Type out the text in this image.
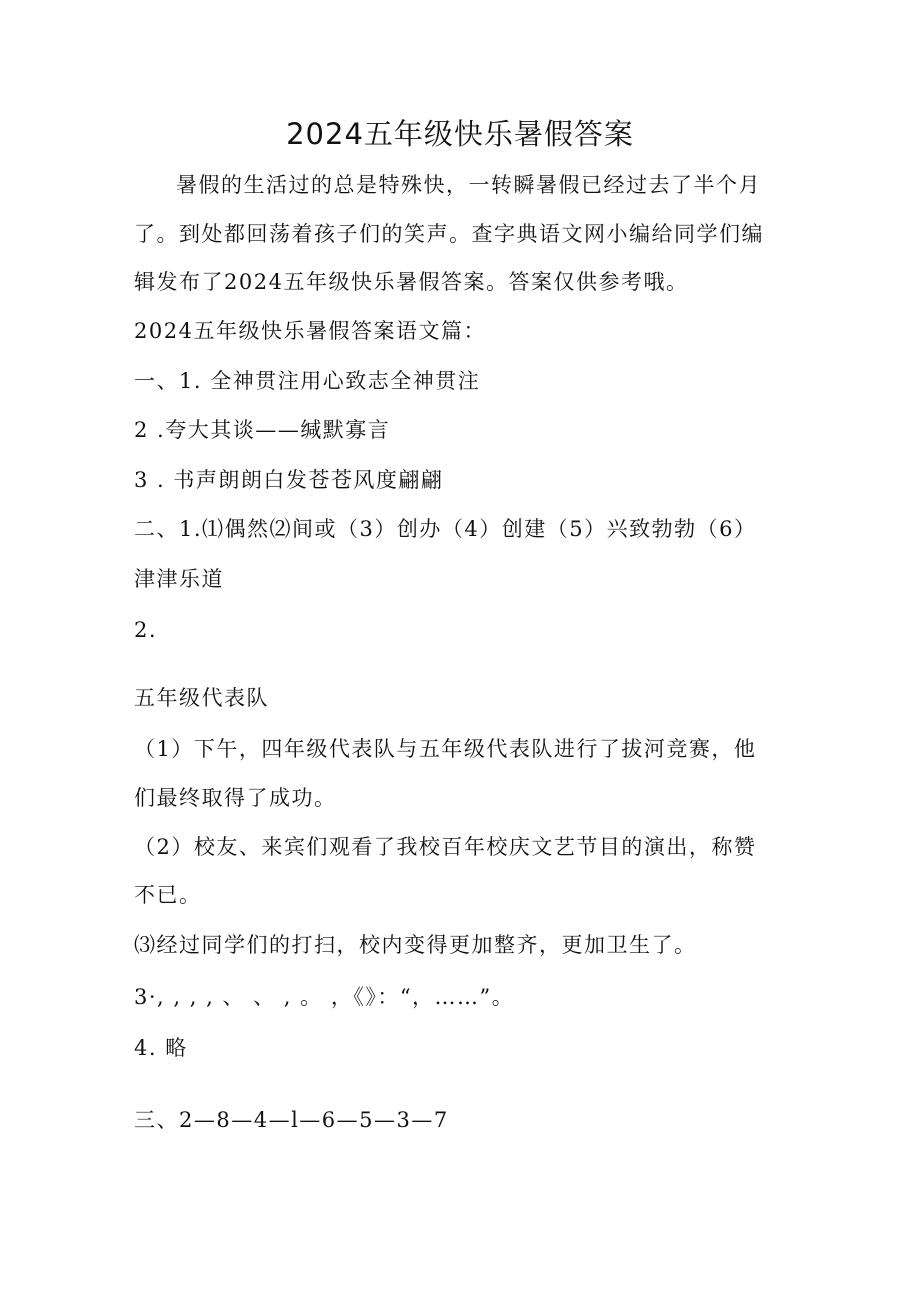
2024五年级快乐暑假答案
暑假的生活过的总是特殊快，一转瞬暑假已经过去了半个月
了。到处都回荡着孩子们的笑声。查字典语文网小编给同学们编
辑发布了2024五年级快乐暑假答案。答案仅供参考哦。
2024五年级快乐暑假答案语文篇：
一、1. 全神贯注用心致志全神贯注
2 .夸大其谈——缄默寡言
3 . 书声朗朗白发苍苍风度翩翩
二、1.⑴偶然⑵间或（3）创办（4）创建（5）兴致勃勃（6）
津津乐道
2.
五年级代表队
（1）下午，四年级代表队与五年级代表队进行了拔河竞赛，他
们最终取得了成功。
（2）校友、来宾们观看了我校百年校庆文艺节目的演出，称赞
不已。
⑶经过同学们的打扫，校内变得更加整齐，更加卫生了。
3·, , , , 、 、 , 。 ，《》：“，……”。
4. 略
三、2—8—4—l—6—5—3—7
